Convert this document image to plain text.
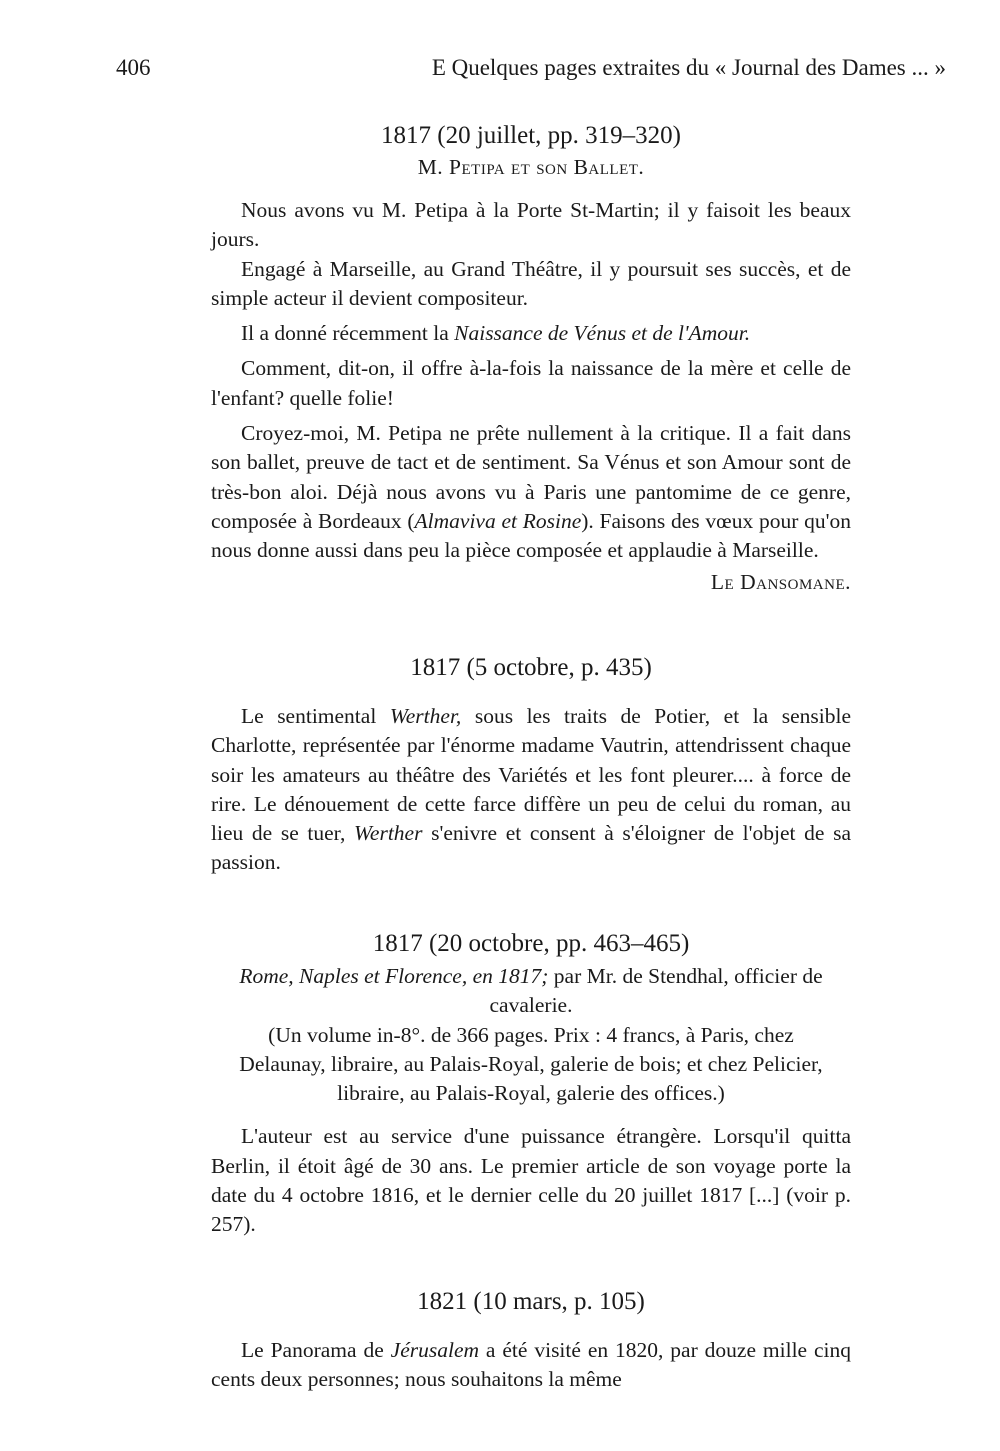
406	E Quelques pages extraites du « Journal des Dames ... »
1817 (20 juillet, pp. 319–320)
M. Petipa et son Ballet.

Nous avons vu M. Petipa à la Porte St-Martin; il y faisoit les beaux jours.

Engagé à Marseille, au Grand Théâtre, il y poursuit ses succès, et de simple acteur il devient compositeur.

Il a donné récemment la Naissance de Vénus et de l'Amour.

Comment, dit-on, il offre à-la-fois la naissance de la mère et celle de l'enfant? quelle folie!

Croyez-moi, M. Petipa ne prête nullement à la critique. Il a fait dans son ballet, preuve de tact et de sentiment. Sa Vénus et son Amour sont de très-bon aloi. Déjà nous avons vu à Paris une pantomime de ce genre, composée à Bordeaux (Almaviva et Rosine). Faisons des vœux pour qu'on nous donne aussi dans peu la pièce composée et applaudie à Marseille.

Le Dansomane.
1817 (5 octobre, p. 435)

Le sentimental Werther, sous les traits de Potier, et la sensible Charlotte, représentée par l'énorme madame Vautrin, attendrissent chaque soir les amateurs au théâtre des Variétés et les font pleurer.... à force de rire. Le dénouement de cette farce diffère un peu de celui du roman, au lieu de se tuer, Werther s'enivre et consent à s'éloigner de l'objet de sa passion.

1817 (20 octobre, pp. 463–465)
Rome, Naples et Florence, en 1817; par Mr. de Stendhal, officier de cavalerie.
(Un volume in-8°. de 366 pages. Prix : 4 francs, à Paris, chez Delaunay, libraire, au Palais-Royal, galerie de bois; et chez Pelicier, libraire, au Palais-Royal, galerie des offices.)

L'auteur est au service d'une puissance étrangère. Lorsqu'il quitta Berlin, il étoit âgé de 30 ans. Le premier article de son voyage porte la date du 4 octobre 1816, et le dernier celle du 20 juillet 1817 [...] (voir p. 257).

1821 (10 mars, p. 105)

Le Panorama de Jérusalem a été visité en 1820, par douze mille cinq cents deux personnes; nous souhaitons la même
